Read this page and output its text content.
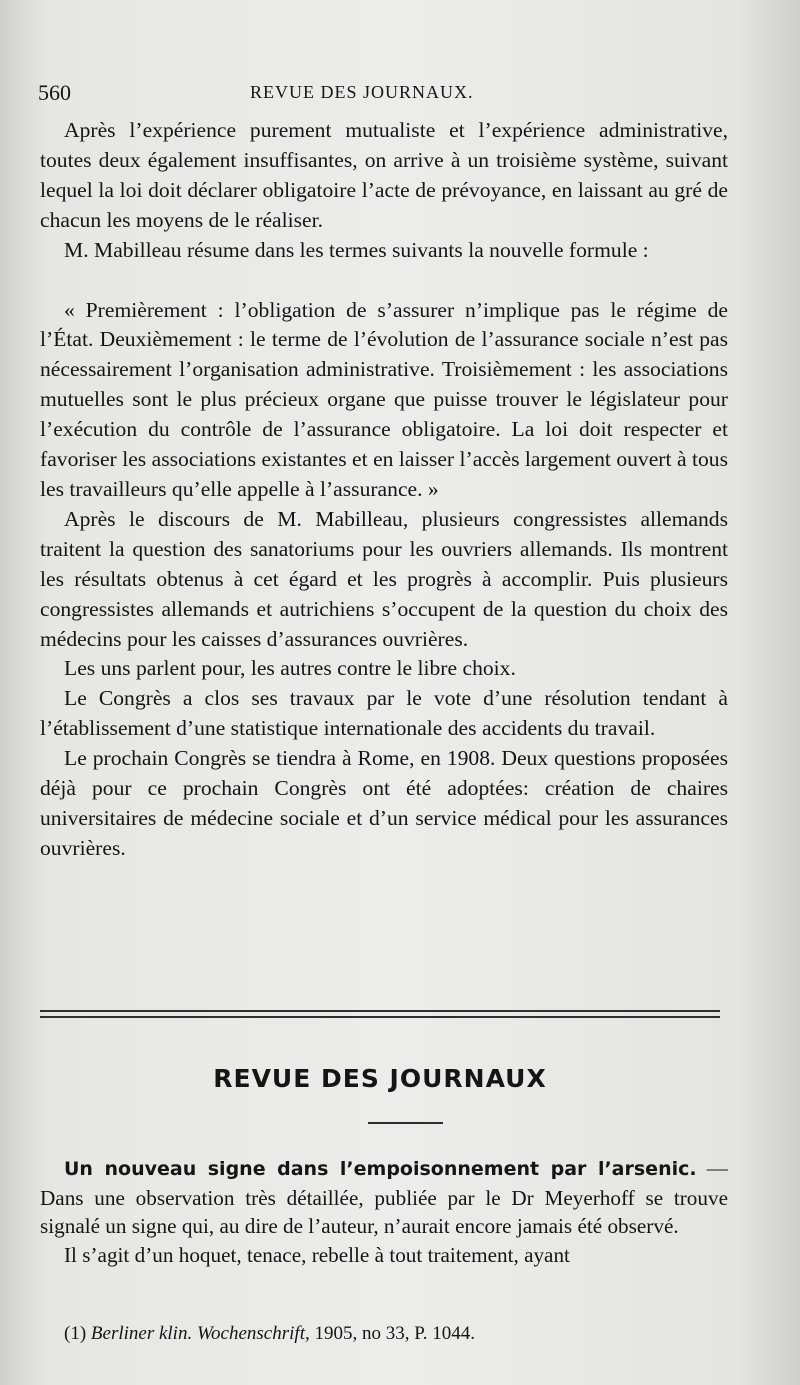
560	REVUE DES JOURNAUX.

Après l’expérience purement mutualiste et l’expérience administrative, toutes deux également insuffisantes, on arrive à un troisième système, suivant lequel la loi doit déclarer obligatoire l’acte de prévoyance, en laissant au gré de chacun les moyens de le réaliser.

M. Mabilleau résume dans les termes suivants la nouvelle formule :

« Premièrement : l’obligation de s’assurer n’implique pas le régime de l’État. Deuxièmement : le terme de l’évolution de l’assurance sociale n’est pas nécessairement l’organisation administrative. Troisièmement : les associations mutuelles sont le plus précieux organe que puisse trouver le législateur pour l’exécution du contrôle de l’assurance obligatoire. La loi doit respecter et favoriser les associations existantes et en laisser l’accès largement ouvert à tous les travailleurs qu’elle appelle à l’assurance. »

Après le discours de M. Mabilleau, plusieurs congressistes allemands traitent la question des sanatoriums pour les ouvriers allemands. Ils montrent les résultats obtenus à cet égard et les progrès à accomplir. Puis plusieurs congressistes allemands et autrichiens s’occupent de la question du choix des médecins pour les caisses d’assurances ouvrières.

Les uns parlent pour, les autres contre le libre choix.

Le Congrès a clos ses travaux par le vote d’une résolution tendant à l’établissement d’une statistique internationale des accidents du travail.

Le prochain Congrès se tiendra à Rome, en 1908. Deux questions proposées déjà pour ce prochain Congrès ont été adoptées: création de chaires universitaires de médecine sociale et d’un service médical pour les assurances ouvrières.

REVUE DES JOURNAUX

Un nouveau signe dans l’empoisonnement par l’arsenic. — Dans une observation très détaillée, publiée par le Dr Meyerhoff se trouve signalé un signe qui, au dire de l’auteur, n’aurait encore jamais été observé.

Il s’agit d’un hoquet, tenace, rebelle à tout traitement, ayant

(1) Berliner klin. Wochenschrift, 1905, no 33, P. 1044.
